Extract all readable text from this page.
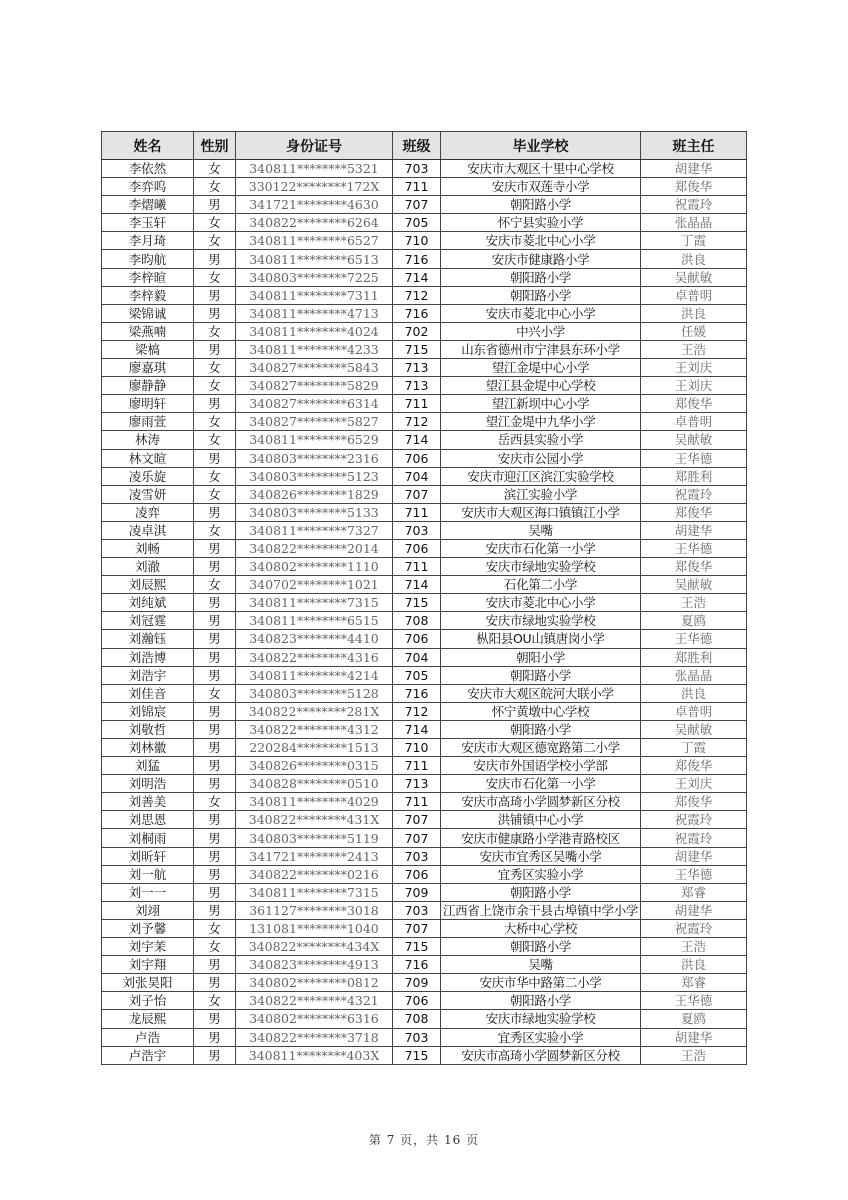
姓名	性别	身份证号	班级	毕业学校	班主任
李依然	女	340811********5321	703	安庆市大观区十里中心学校	胡建华
李弈呜	女	330122********172X	711	安庆市双莲寺小学	郑俊华
李熠曦	男	341721********4630	707	朝阳路小学	祝霞玲
李玉轩	女	340822********6264	705	怀宁县实验小学	张晶晶
李月琦	女	340811********6527	710	安庆市菱北中心小学	丁霞
李昀航	男	340811********6513	716	安庆市健康路小学	洪良
李梓暄	女	340803********7225	714	朝阳路小学	吴献敏
李梓毅	男	340811********7311	712	朝阳路小学	卓普明
梁锦诚	男	340811********4713	716	安庆市菱北中心小学	洪良
梁燕喃	女	340811********4024	702	中兴小学	任媛
梁槁	男	340811********4233	715	山东省德州市宁津县东环小学	王浩
廖嘉琪	女	340827********5843	713	望江金堤中心小学	王刘庆
廖静静	女	340827********5829	713	望江县金堤中心学校	王刘庆
廖明轩	男	340827********6314	711	望江新坝中心小学	郑俊华
廖雨萱	女	340827********5827	712	望江金堤中九华小学	卓普明
林涛	女	340811********6529	714	岳西县实验小学	吴献敏
林文暄	男	340803********2316	706	安庆市公园小学	王华德
凌乐旋	女	340803********5123	704	安庆市迎江区滨江实验学校	郑胜利
凌雪妍	女	340826********1829	707	滨江实验小学	祝霞玲
凌弈	男	340803********5133	711	安庆市大观区海口镇镇江小学	郑俊华
凌卓淇	女	340811********7327	703	吴嘴	胡建华
刘畅	男	340822********2014	706	安庆市石化第一小学	王华德
刘澈	男	340802********1110	711	安庆市绿地实验学校	郑俊华
刘辰熙	女	340702********1021	714	石化第二小学	吴献敏
刘纯斌	男	340811********7315	715	安庆市菱北中心小学	王浩
刘冠霆	男	340811********6515	708	安庆市绿地实验学校	夏鸥
刘瀚钰	男	340823********4410	706	枞阳县OU山镇唐岗小学	王华德
刘浩博	男	340822********4316	704	朝阳小学	郑胜利
刘浩宇	男	340811********4214	705	朝阳路小学	张晶晶
刘佳音	女	340803********5128	716	安庆市大观区皖河大联小学	洪良
刘锦宸	男	340822********281X	712	怀宁黄墩中心学校	卓普明
刘敬哲	男	340822********4312	714	朝阳路小学	吴献敏
刘林徽	男	220284********1513	710	安庆市大观区德宽路第二小学	丁霞
刘猛	男	340826********0315	711	安庆市外国语学校小学部	郑俊华
刘明浩	男	340828********0510	713	安庆市石化第一小学	王刘庆
刘善美	女	340811********4029	711	安庆市高琦小学圆梦新区分校	郑俊华
刘思恩	男	340822********431X	707	洪铺镇中心小学	祝霞玲
刘桐雨	男	340803********5119	707	安庆市健康路小学港青路校区	祝霞玲
刘昕轩	男	341721********2413	703	安庆市宜秀区吴嘴小学	胡建华
刘一航	男	340822********0216	706	宜秀区实验小学	王华德
刘一一	男	340811********7315	709	朝阳路小学	郑睿
刘翊	男	361127********3018	703	江西省上饶市余干县古埠镇中学小学	胡建华
刘予馨	女	131081********1040	707	大桥中心学校	祝霞玲
刘宇茉	女	340822********434X	715	朝阳路小学	王浩
刘宇翔	男	340823********4913	716	吴嘴	洪良
刘张昊阳	男	340802********0812	709	安庆市华中路第二小学	郑睿
刘子怡	女	340822********4321	706	朝阳路小学	王华德
龙辰熙	男	340802********6316	708	安庆市绿地实验学校	夏鸥
卢浩	男	340822********3718	703	宜秀区实验小学	胡建华
卢浩宇	男	340811********403X	715	安庆市高琦小学圆梦新区分校	王浩
第 7 页，共 16 页
